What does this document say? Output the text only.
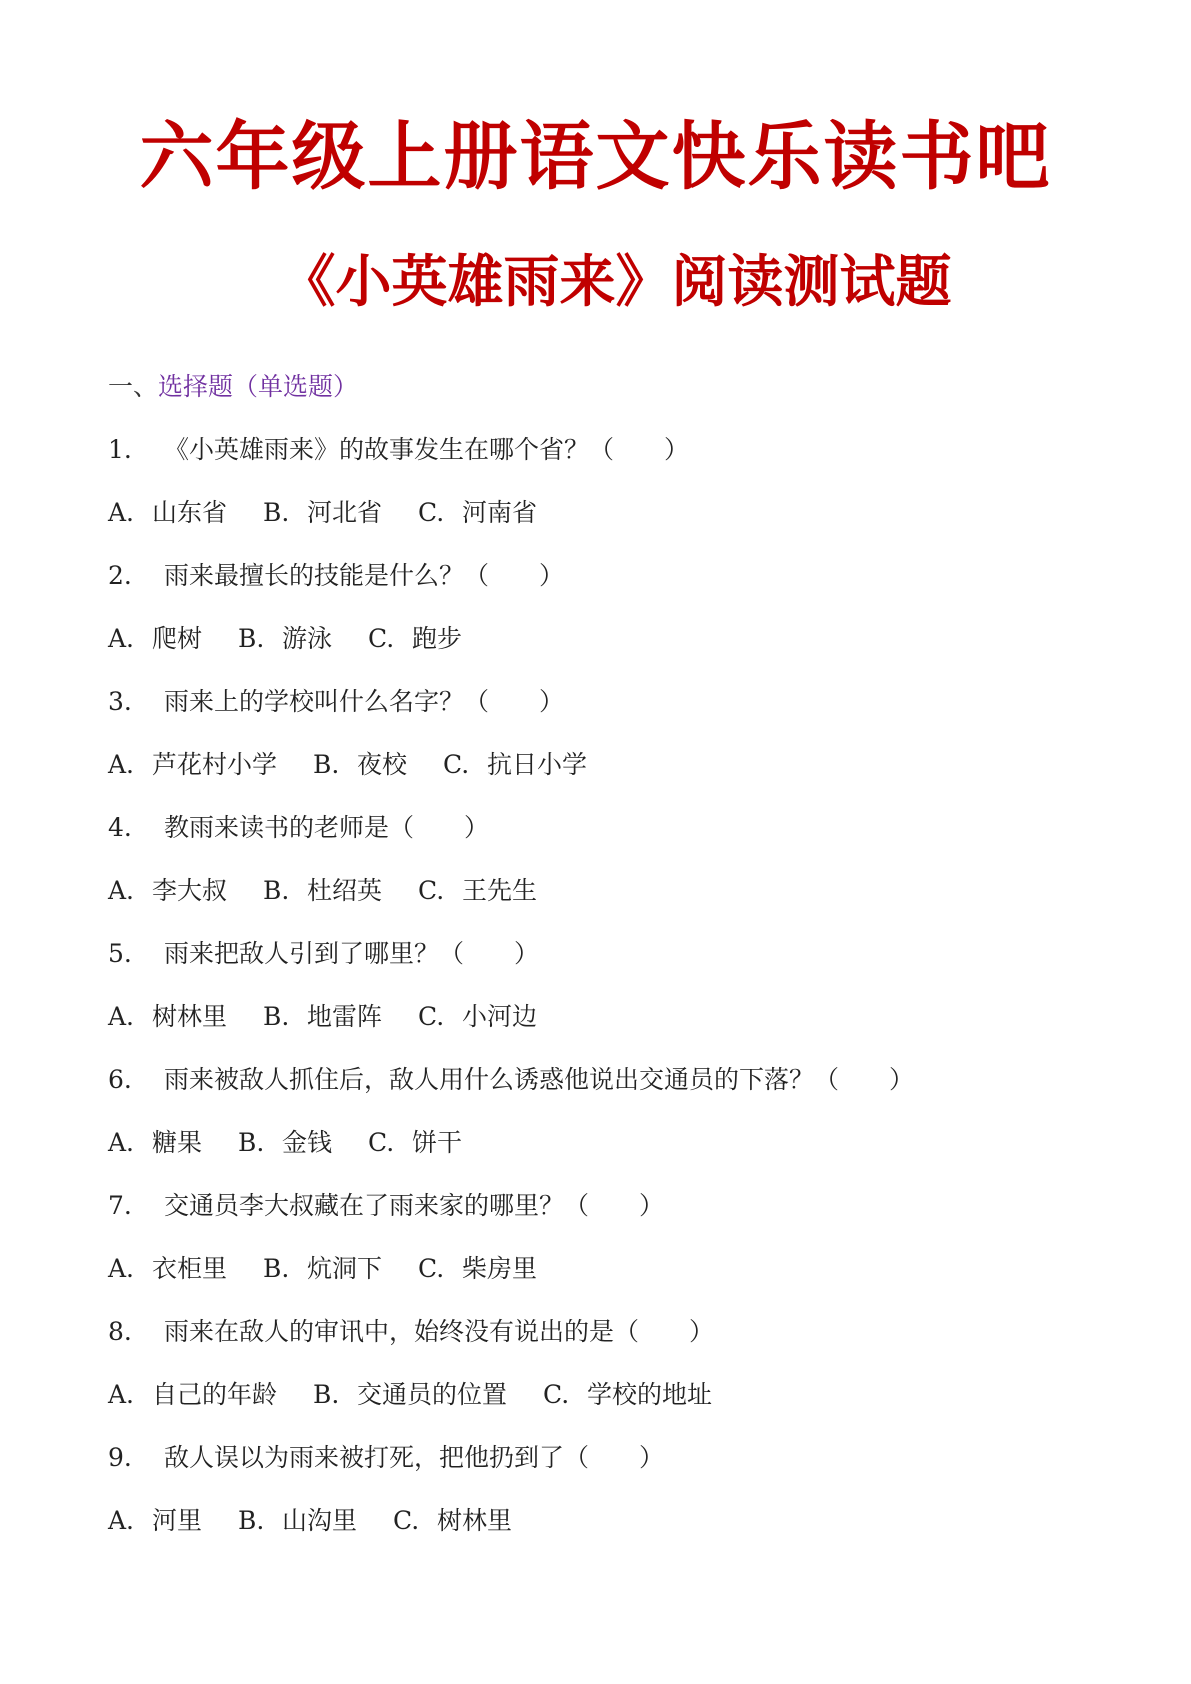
六年级上册语文快乐读书吧
《小英雄雨来》阅读测试题
一、选择题（单选题）
1. 《小英雄雨来》的故事发生在哪个省？（　　）
A. 山东省 B. 河北省 C. 河南省
2. 雨来最擅长的技能是什么？（　　）
A. 爬树 B. 游泳 C. 跑步
3. 雨来上的学校叫什么名字？（　　）
A. 芦花村小学 B. 夜校 C. 抗日小学
4. 教雨来读书的老师是（　　）
A. 李大叔 B. 杜绍英 C. 王先生
5. 雨来把敌人引到了哪里？（　　）
A. 树林里 B. 地雷阵 C. 小河边
6. 雨来被敌人抓住后，敌人用什么诱惑他说出交通员的下落？（　　）
A. 糖果 B. 金钱 C. 饼干
7. 交通员李大叔藏在了雨来家的哪里？（　　）
A. 衣柜里 B. 炕洞下 C. 柴房里
8. 雨来在敌人的审讯中，始终没有说出的是（　　）
A. 自己的年龄 B. 交通员的位置 C. 学校的地址
9. 敌人误以为雨来被打死，把他扔到了（　　）
A. 河里 B. 山沟里 C. 树林里
